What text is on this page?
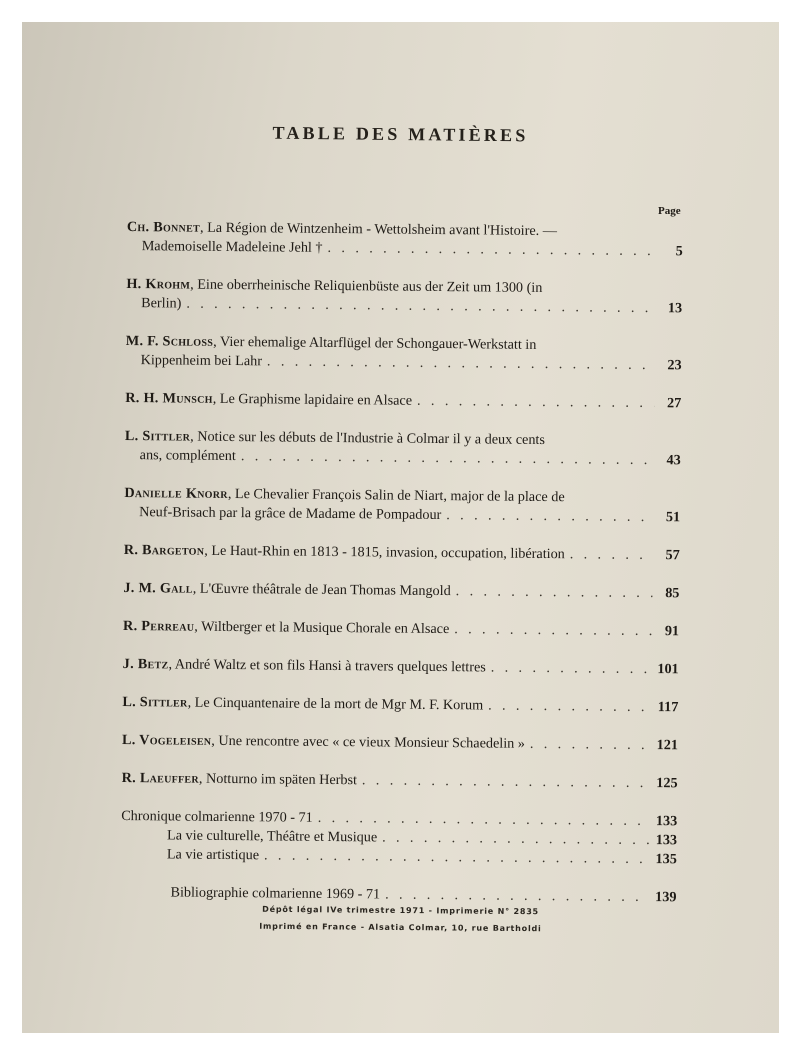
TABLE DES MATIÈRES
Page
Ch. Bonnet, La Région de Wintzenheim - Wettolsheim avant l'Histoire. —
Mademoiselle Madeleine Jehl † . . .	5
H. Krohm, Eine oberrheinische Reliquienbüste aus der Zeit um 1300 (in
Berlin) . . .	13
M. F. Schloss, Vier ehemalige Altarflügel der Schongauer-Werkstatt in
Kippenheim bei Lahr . . .	23
R. H. Munsch, Le Graphisme lapidaire en Alsace . . .	27
L. Sittler, Notice sur les débuts de l'Industrie à Colmar il y a deux cents
ans, complément . . .	43
Danielle Knorr, Le Chevalier François Salin de Niart, major de la place de
Neuf-Brisach par la grâce de Madame de Pompadour . . .	51
R. Bargeton, Le Haut-Rhin en 1813 - 1815, invasion, occupation, libération . . .	57
J. M. Gall, L'Œuvre théâtrale de Jean Thomas Mangold . . .	85
R. Perreau, Wiltberger et la Musique Chorale en Alsace . . .	91
J. Betz, André Waltz et son fils Hansi à travers quelques lettres . . .	101
L. Sittler, Le Cinquantenaire de la mort de Mgr M. F. Korum . . .	117
L. Vogeleisen, Une rencontre avec « ce vieux Monsieur Schaedelin » . . .	121
R. Laeuffer, Notturno im späten Herbst . . .	125
Chronique colmarienne 1970 - 71 . . .	133
La vie culturelle, Théâtre et Musique . . .	133
La vie artistique . . .	135
Bibliographie colmarienne 1969 - 71 . . .	139
Dépôt légal IVe trimestre 1971 - Imprimerie N° 2835
Imprimé en France - Alsatia Colmar, 10, rue Bartholdi
